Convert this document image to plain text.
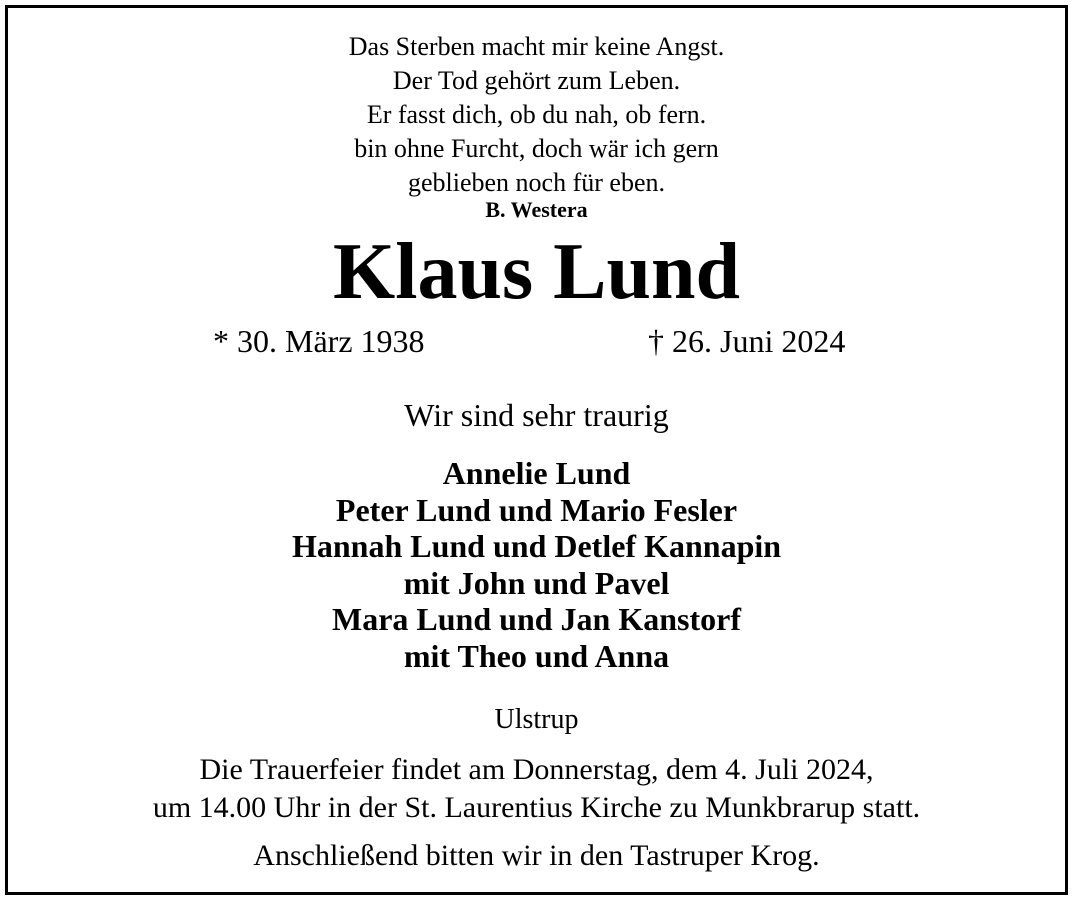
Das Sterben macht mir keine Angst.
Der Tod gehört zum Leben.
Er fasst dich, ob du nah, ob fern.
bin ohne Furcht, doch wär ich gern
geblieben noch für eben.
B. Westera
Klaus Lund
* 30. März 1938	† 26. Juni 2024
Wir sind sehr traurig
Annelie Lund
Peter Lund und Mario Fesler
Hannah Lund und Detlef Kannapin
mit John und Pavel
Mara Lund und Jan Kanstorf
mit Theo und Anna
Ulstrup
Die Trauerfeier findet am Donnerstag, dem 4. Juli 2024,
um 14.00 Uhr in der St. Laurentius Kirche zu Munkbrarup statt.
Anschließend bitten wir in den Tastruper Krog.
